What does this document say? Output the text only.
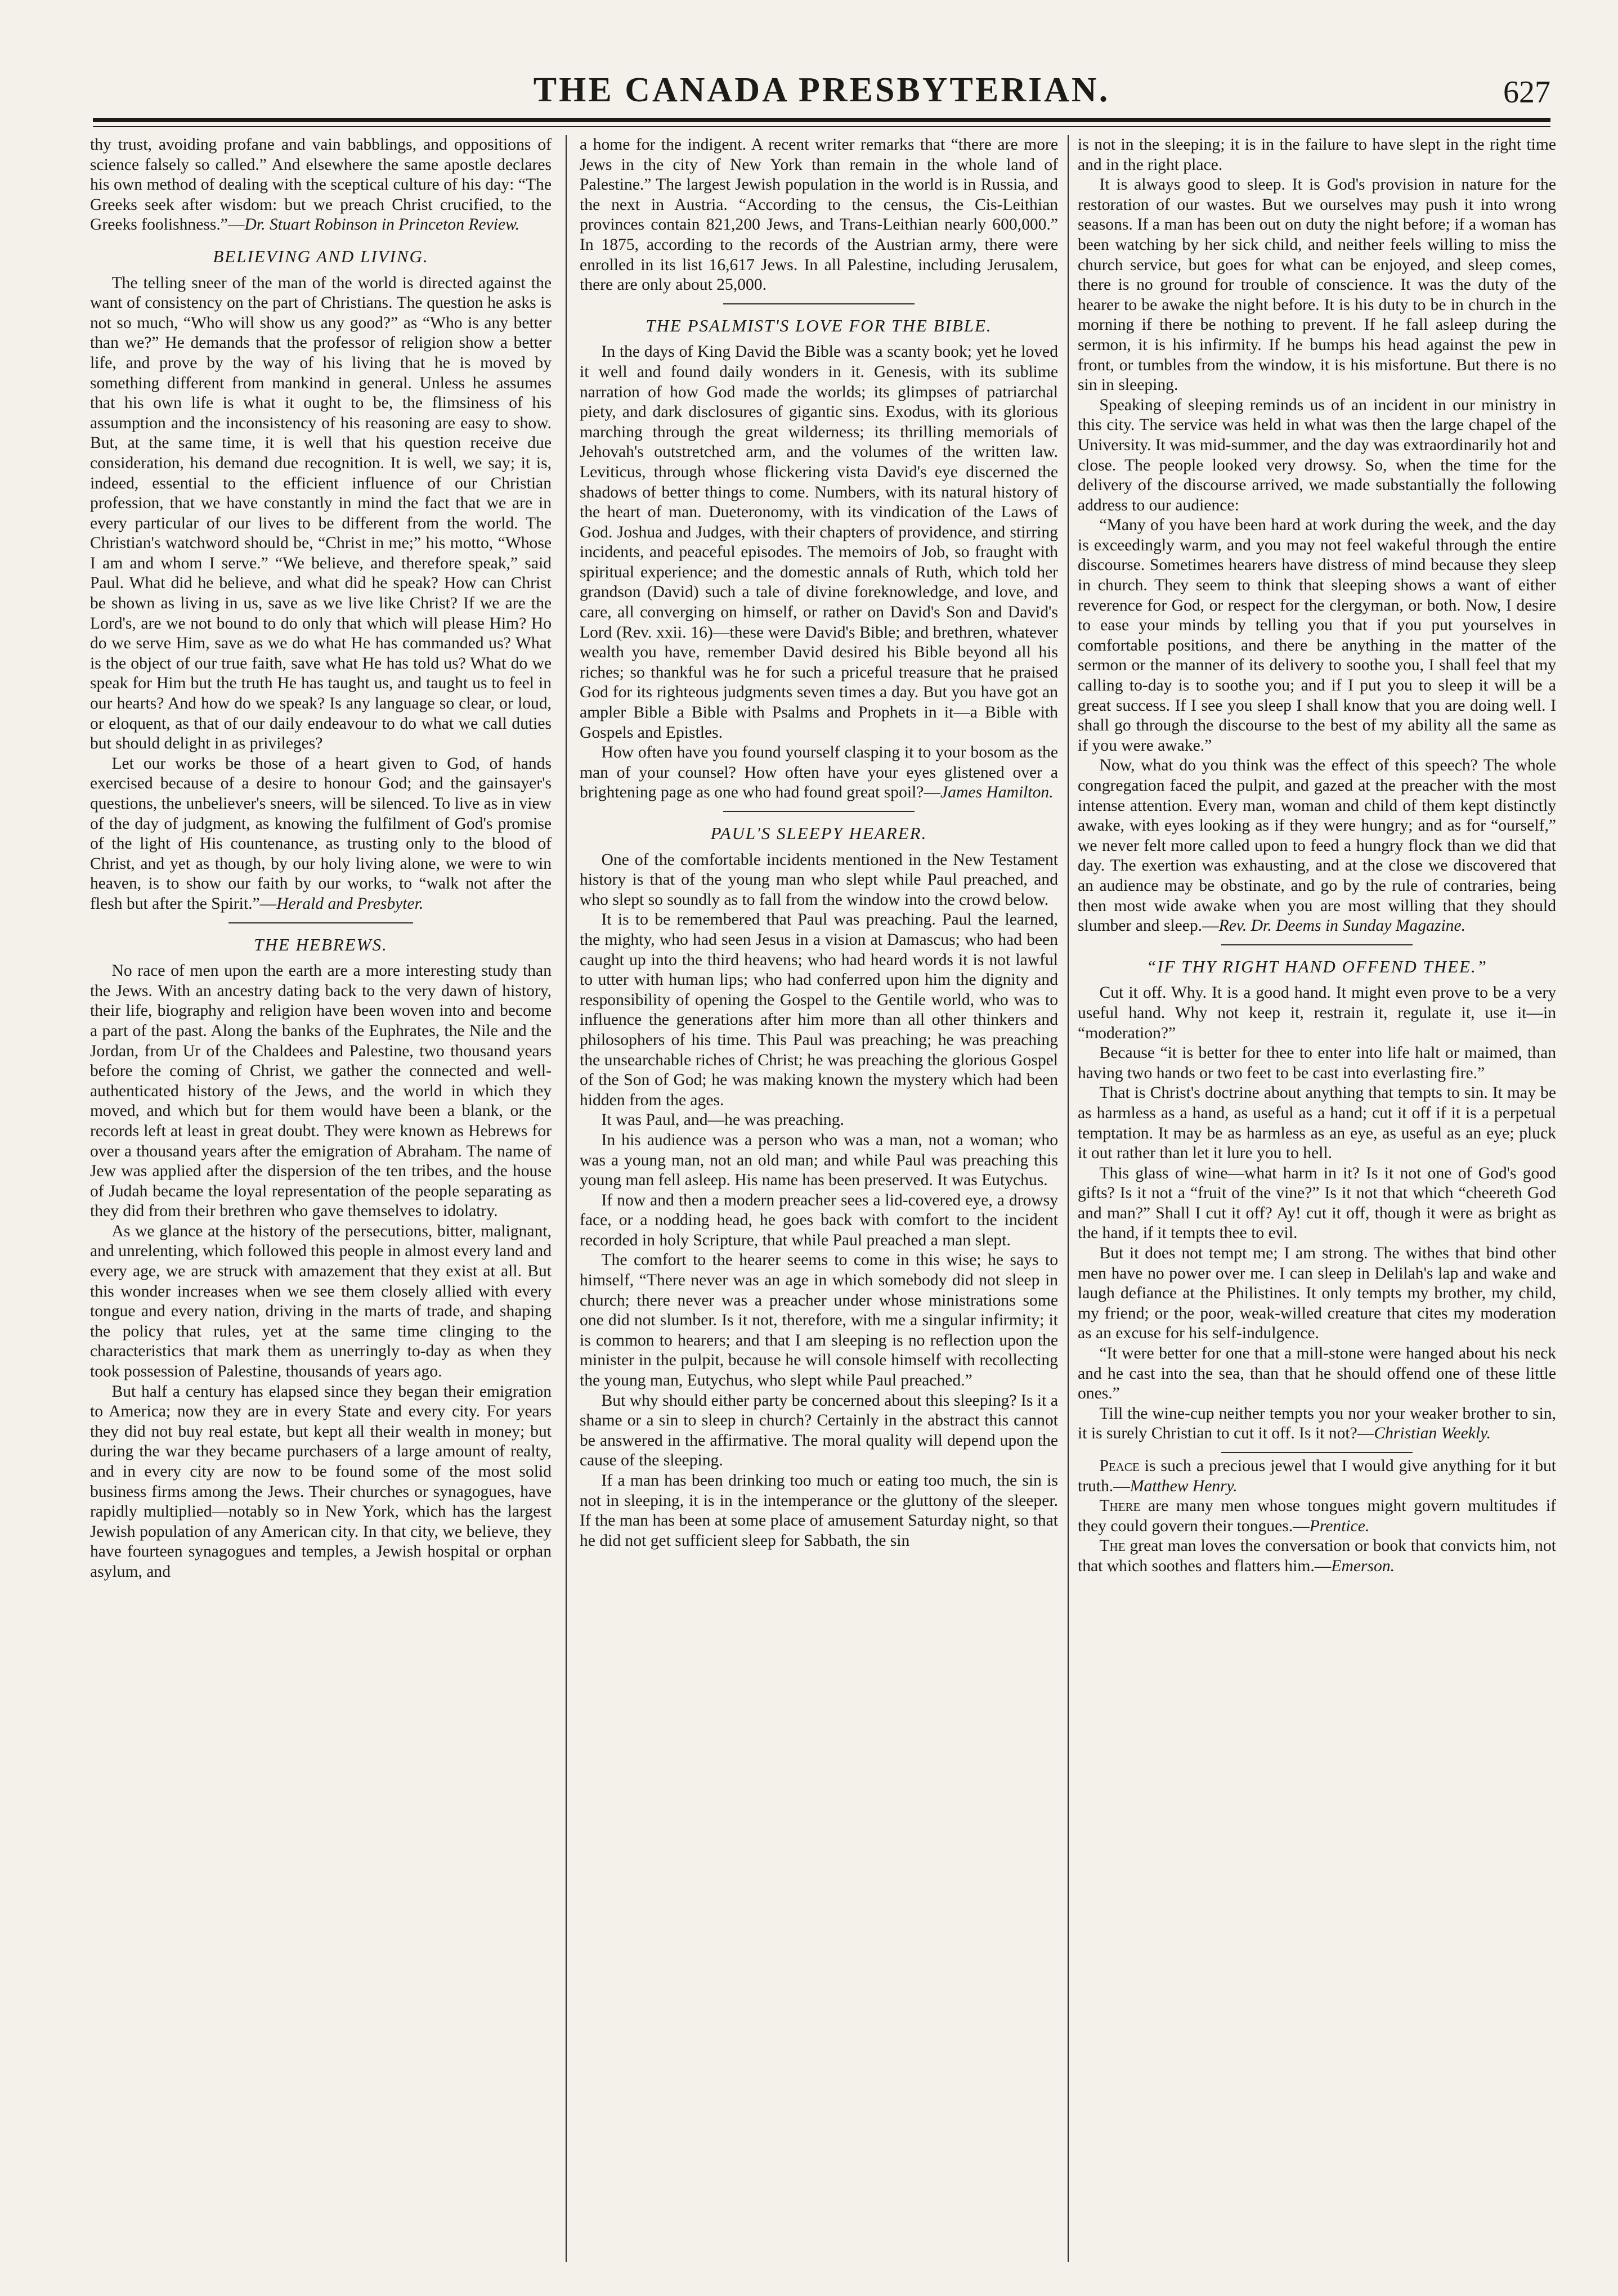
THE CANADA PRESBYTERIAN.	627

thy trust, avoiding profane and vain babblings, and oppositions of science falsely so called.” And elsewhere the same apostle declares his own method of dealing with the sceptical culture of his day: “The Greeks seek after wisdom: but we preach Christ crucified, to the Greeks foolishness.”—Dr. Stuart Robinson in Princeton Review.

BELIEVING AND LIVING.

The telling sneer of the man of the world is directed against the want of consistency on the part of Christians. The question he asks is not so much, “Who will show us any good?” as “Who is any better than we?” He demands that the professor of religion show a better life, and prove by the way of his living that he is moved by something different from mankind in general. Unless he assumes that his own life is what it ought to be, the flimsiness of his assumption and the inconsistency of his reasoning are easy to show. But, at the same time, it is well that his question receive due consideration, his demand due recognition. It is well, we say; it is, indeed, essential to the efficient influence of our Christian profession, that we have constantly in mind the fact that we are in every particular of our lives to be different from the world. The Christian's watchword should be, “Christ in me;” his motto, “Whose I am and whom I serve.” “We believe, and therefore speak,” said Paul. What did he believe, and what did he speak? How can Christ be shown as living in us, save as we live like Christ? If we are the Lord's, are we not bound to do only that which will please Him? Ho do we serve Him, save as we do what He has commanded us? What is the object of our true faith, save what He has told us? What do we speak for Him but the truth He has taught us, and taught us to feel in our hearts? And how do we speak? Is any language so clear, or loud, or eloquent, as that of our daily endeavour to do what we call duties but should delight in as privileges?

Let our works be those of a heart given to God, of hands exercised because of a desire to honour God; and the gainsayer's questions, the unbeliever's sneers, will be silenced. To live as in view of the day of judgment, as knowing the fulfilment of God's promise of the light of His countenance, as trusting only to the blood of Christ, and yet as though, by our holy living alone, we were to win heaven, is to show our faith by our works, to “walk not after the flesh but after the Spirit.”—Herald and Presbyter.

THE HEBREWS.

No race of men upon the earth are a more interesting study than the Jews. With an ancestry dating back to the very dawn of history, their life, biography and religion have been woven into and become a part of the past. Along the banks of the Euphrates, the Nile and the Jordan, from Ur of the Chaldees and Palestine, two thousand years before the coming of Christ, we gather the connected and well-authenticated history of the Jews, and the world in which they moved, and which but for them would have been a blank, or the records left at least in great doubt. They were known as Hebrews for over a thousand years after the emigration of Abraham. The name of Jew was applied after the dispersion of the ten tribes, and the house of Judah became the loyal representation of the people separating as they did from their brethren who gave themselves to idolatry.

As we glance at the history of the persecutions, bitter, malignant, and unrelenting, which followed this people in almost every land and every age, we are struck with amazement that they exist at all. But this wonder increases when we see them closely allied with every tongue and every nation, driving in the marts of trade, and shaping the policy that rules, yet at the same time clinging to the characteristics that mark them as unerringly to-day as when they took possession of Palestine, thousands of years ago.

But half a century has elapsed since they began their emigration to America; now they are in every State and every city. For years they did not buy real estate, but kept all their wealth in money; but during the war they became purchasers of a large amount of realty, and in every city are now to be found some of the most solid business firms among the Jews. Their churches or synagogues, have rapidly multiplied—notably so in New York, which has the largest Jewish population of any American city. In that city, we believe, they have fourteen synagogues and temples, a Jewish hospital or orphan asylum, and

a home for the indigent. A recent writer remarks that “there are more Jews in the city of New York than remain in the whole land of Palestine.” The largest Jewish population in the world is in Russia, and the next in Austria. “According to the census, the Cis-Leithian provinces contain 821,200 Jews, and Trans-Leithian nearly 600,000.” In 1875, according to the records of the Austrian army, there were enrolled in its list 16,617 Jews. In all Palestine, including Jerusalem, there are only about 25,000.

THE PSALMIST'S LOVE FOR THE BIBLE.

In the days of King David the Bible was a scanty book; yet he loved it well and found daily wonders in it. Genesis, with its sublime narration of how God made the worlds; its glimpses of patriarchal piety, and dark disclosures of gigantic sins. Exodus, with its glorious marching through the great wilderness; its thrilling memorials of Jehovah's outstretched arm, and the volumes of the written law. Leviticus, through whose flickering vista David's eye discerned the shadows of better things to come. Numbers, with its natural history of the heart of man. Dueteronomy, with its vindication of the Laws of God. Joshua and Judges, with their chapters of providence, and stirring incidents, and peaceful episodes. The memoirs of Job, so fraught with spiritual experience; and the domestic annals of Ruth, which told her grandson (David) such a tale of divine foreknowledge, and love, and care, all converging on himself, or rather on David's Son and David's Lord (Rev. xxii. 16)—these were David's Bible; and brethren, whatever wealth you have, remember David desired his Bible beyond all his riches; so thankful was he for such a priceful treasure that he praised God for its righteous judgments seven times a day. But you have got an ampler Bible a Bible with Psalms and Prophets in it—a Bible with Gospels and Epistles.

How often have you found yourself clasping it to your bosom as the man of your counsel? How often have your eyes glistened over a brightening page as one who had found great spoil?—James Hamilton.

PAUL'S SLEEPY HEARER.

One of the comfortable incidents mentioned in the New Testament history is that of the young man who slept while Paul preached, and who slept so soundly as to fall from the window into the crowd below.

It is to be remembered that Paul was preaching. Paul the learned, the mighty, who had seen Jesus in a vision at Damascus; who had been caught up into the third heavens; who had heard words it is not lawful to utter with human lips; who had conferred upon him the dignity and responsibility of opening the Gospel to the Gentile world, who was to influence the generations after him more than all other thinkers and philosophers of his time. This Paul was preaching; he was preaching the unsearchable riches of Christ; he was preaching the glorious Gospel of the Son of God; he was making known the mystery which had been hidden from the ages.

It was Paul, and—he was preaching.

In his audience was a person who was a man, not a woman; who was a young man, not an old man; and while Paul was preaching this young man fell asleep. His name has been preserved. It was Eutychus.

If now and then a modern preacher sees a lid-covered eye, a drowsy face, or a nodding head, he goes back with comfort to the incident recorded in holy Scripture, that while Paul preached a man slept.

The comfort to the hearer seems to come in this wise; he says to himself, “There never was an age in which somebody did not sleep in church; there never was a preacher under whose ministrations some one did not slumber. Is it not, therefore, with me a singular infirmity; it is common to hearers; and that I am sleeping is no reflection upon the minister in the pulpit, because he will console himself with recollecting the young man, Eutychus, who slept while Paul preached.”

But why should either party be concerned about this sleeping? Is it a shame or a sin to sleep in church? Certainly in the abstract this cannot be answered in the affirmative. The moral quality will depend upon the cause of the sleeping.

If a man has been drinking too much or eating too much, the sin is not in sleeping, it is in the intemperance or the gluttony of the sleeper. If the man has been at some place of amusement Saturday night, so that he did not get sufficient sleep for Sabbath, the sin

is not in the sleeping; it is in the failure to have slept in the right time and in the right place.

It is always good to sleep. It is God's provision in nature for the restoration of our wastes. But we ourselves may push it into wrong seasons. If a man has been out on duty the night before; if a woman has been watching by her sick child, and neither feels willing to miss the church service, but goes for what can be enjoyed, and sleep comes, there is no ground for trouble of conscience. It was the duty of the hearer to be awake the night before. It is his duty to be in church in the morning if there be nothing to prevent. If he fall asleep during the sermon, it is his infirmity. If he bumps his head against the pew in front, or tumbles from the window, it is his misfortune. But there is no sin in sleeping.

Speaking of sleeping reminds us of an incident in our ministry in this city. The service was held in what was then the large chapel of the University. It was mid-summer, and the day was extraordinarily hot and close. The people looked very drowsy. So, when the time for the delivery of the discourse arrived, we made substantially the following address to our audience:

“Many of you have been hard at work during the week, and the day is exceedingly warm, and you may not feel wakeful through the entire discourse. Sometimes hearers have distress of mind because they sleep in church. They seem to think that sleeping shows a want of either reverence for God, or respect for the clergyman, or both. Now, I desire to ease your minds by telling you that if you put yourselves in comfortable positions, and there be anything in the matter of the sermon or the manner of its delivery to soothe you, I shall feel that my calling to-day is to soothe you; and if I put you to sleep it will be a great success. If I see you sleep I shall know that you are doing well. I shall go through the discourse to the best of my ability all the same as if you were awake.”

Now, what do you think was the effect of this speech? The whole congregation faced the pulpit, and gazed at the preacher with the most intense attention. Every man, woman and child of them kept distinctly awake, with eyes looking as if they were hungry; and as for “ourself,” we never felt more called upon to feed a hungry flock than we did that day. The exertion was exhausting, and at the close we discovered that an audience may be obstinate, and go by the rule of contraries, being then most wide awake when you are most willing that they should slumber and sleep.—Rev. Dr. Deems in Sunday Magazine.

“IF THY RIGHT HAND OFFEND THEE.”

Cut it off. Why. It is a good hand. It might even prove to be a very useful hand. Why not keep it, restrain it, regulate it, use it—in “moderation?”

Because “it is better for thee to enter into life halt or maimed, than having two hands or two feet to be cast into everlasting fire.”

That is Christ's doctrine about anything that tempts to sin. It may be as harmless as a hand, as useful as a hand; cut it off if it is a perpetual temptation. It may be as harmless as an eye, as useful as an eye; pluck it out rather than let it lure you to hell.

This glass of wine—what harm in it? Is it not one of God's good gifts? Is it not a “fruit of the vine?” Is it not that which “cheereth God and man?” Shall I cut it off? Ay! cut it off, though it were as bright as the hand, if it tempts thee to evil.

But it does not tempt me; I am strong. The withes that bind other men have no power over me. I can sleep in Delilah's lap and wake and laugh defiance at the Philistines. It only tempts my brother, my child, my friend; or the poor, weak-willed creature that cites my moderation as an excuse for his self-indulgence.

“It were better for one that a mill-stone were hanged about his neck and he cast into the sea, than that he should offend one of these little ones.”

Till the wine-cup neither tempts you nor your weaker brother to sin, it is surely Christian to cut it off. Is it not?—Christian Weekly.

Peace is such a precious jewel that I would give anything for it but truth.—Matthew Henry.

There are many men whose tongues might govern multitudes if they could govern their tongues.—Prentice.

The great man loves the conversation or book that convicts him, not that which soothes and flatters him.—Emerson.
